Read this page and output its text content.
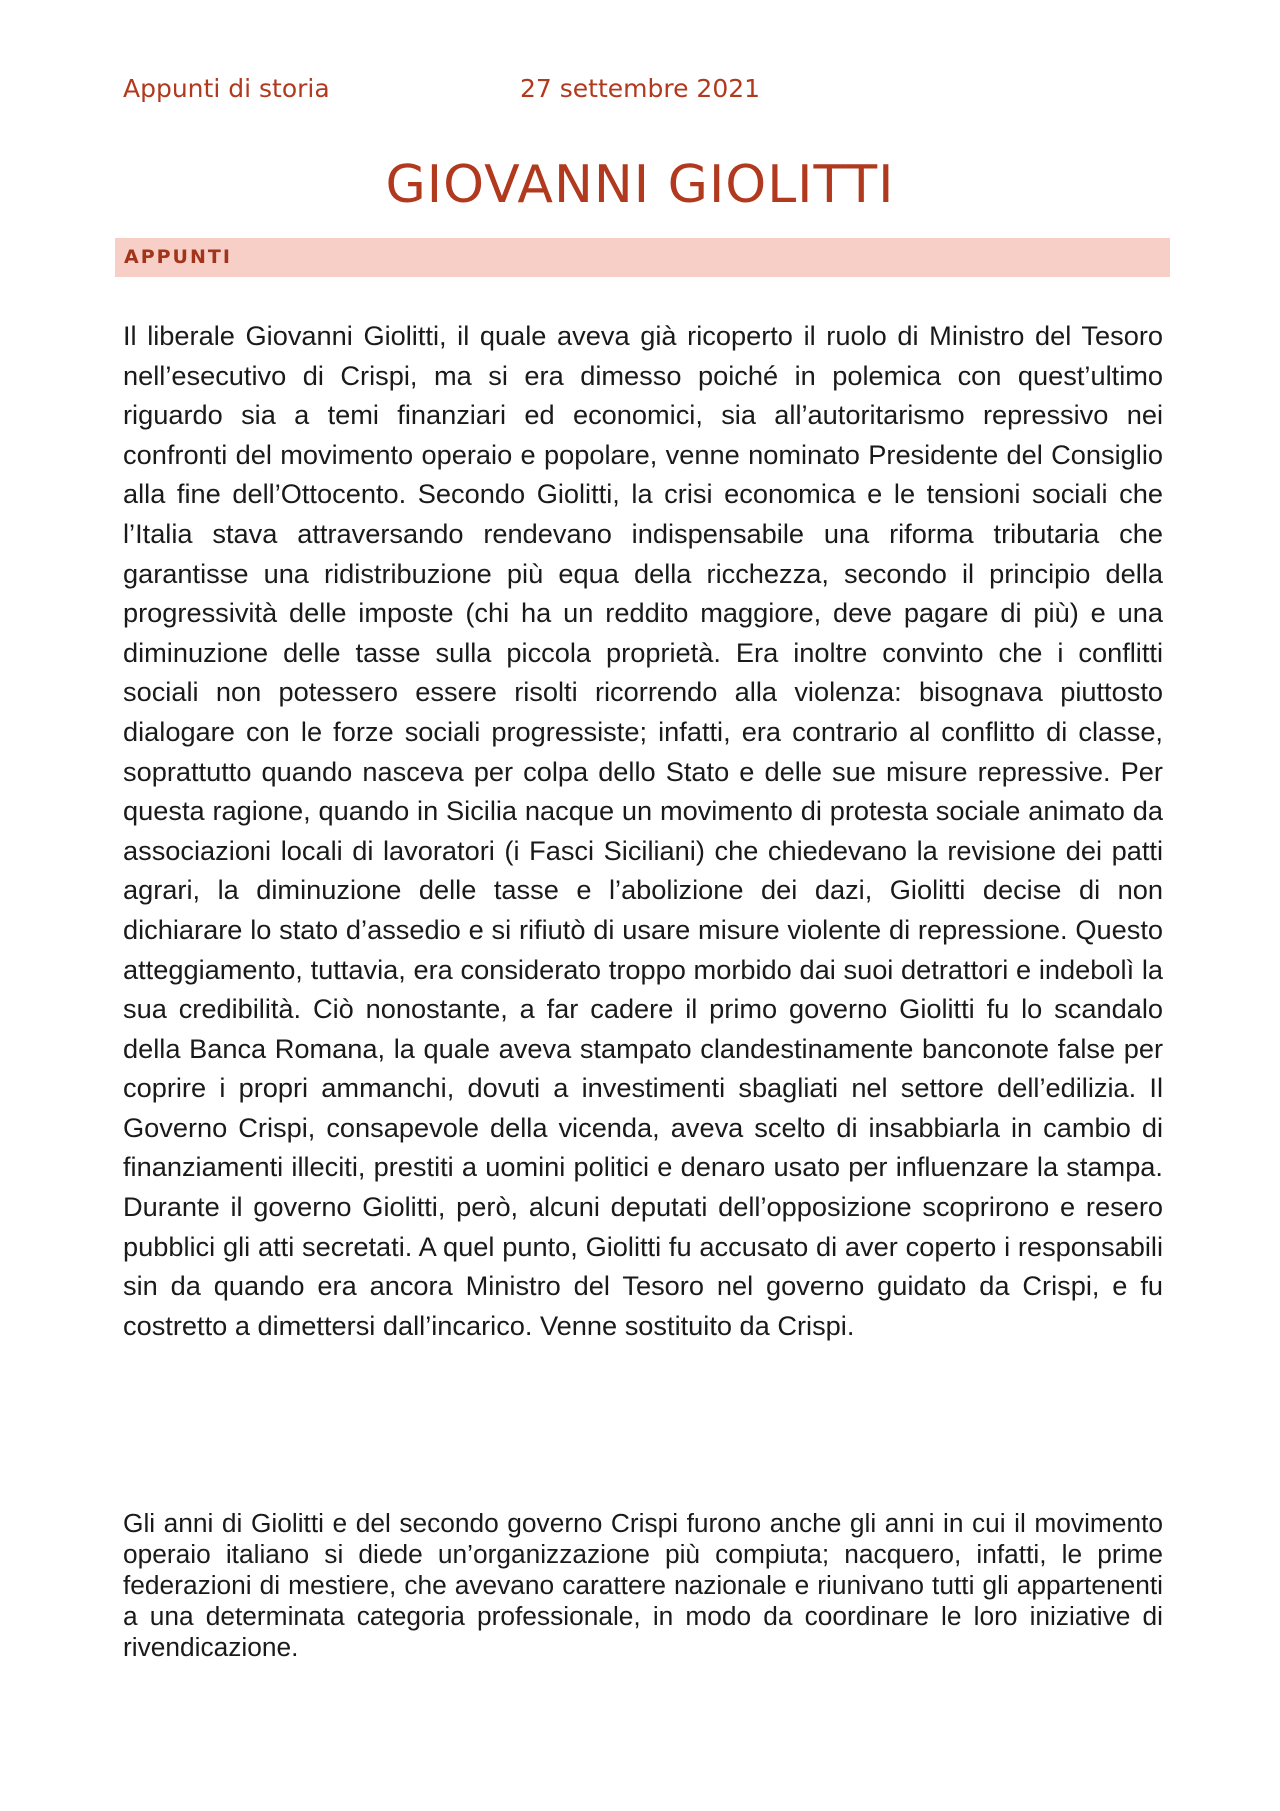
Appunti di storia	27 settembre 2021
GIOVANNI GIOLITTI
APPUNTI

Il liberale Giovanni Giolitti, il quale aveva già ricoperto il ruolo di Ministro del Tesoro nell’esecutivo di Crispi, ma si era dimesso poiché in polemica con quest’ultimo riguardo sia a temi finanziari ed economici, sia all’autoritarismo repressivo nei confronti del movimento operaio e popolare, venne nominato Presidente del Consiglio alla fine dell’Ottocento. Secondo Giolitti, la crisi economica e le tensioni sociali che l’Italia stava attraversando rendevano indispensabile una riforma tributaria che garantisse una ridistribuzione più equa della ricchezza, secondo il principio della progressività delle imposte (chi ha un reddito maggiore, deve pagare di più) e una diminuzione delle tasse sulla piccola proprietà. Era inoltre convinto che i conflitti sociali non potessero essere risolti ricorrendo alla violenza: bisognava piuttosto dialogare con le forze sociali progressiste; infatti, era contrario al conflitto di classe, soprattutto quando nasceva per colpa dello Stato e delle sue misure repressive. Per questa ragione, quando in Sicilia nacque un movimento di protesta sociale animato da associazioni locali di lavoratori (i Fasci Siciliani) che chiedevano la revisione dei patti agrari, la diminuzione delle tasse e l’abolizione dei dazi, Giolitti decise di non dichiarare lo stato d’assedio e si rifiutò di usare misure violente di repressione. Questo atteggiamento, tuttavia, era considerato troppo morbido dai suoi detrattori e indebolì la sua credibilità. Ciò nonostante, a far cadere il primo governo Giolitti fu lo scandalo della Banca Romana, la quale aveva stampato clandestinamente banconote false per coprire i propri ammanchi, dovuti a investimenti sbagliati nel settore dell’edilizia. Il Governo Crispi, consapevole della vicenda, aveva scelto di insabbiarla in cambio di finanziamenti illeciti, prestiti a uomini politici e denaro usato per influenzare la stampa. Durante il governo Giolitti, però, alcuni deputati dell’opposizione scoprirono e resero pubblici gli atti secretati. A quel punto, Giolitti fu accusato di aver coperto i responsabili sin da quando era ancora Ministro del Tesoro nel governo guidato da Crispi, e fu costretto a dimettersi dall’incarico. Venne sostituito da Crispi.

Gli anni di Giolitti e del secondo governo Crispi furono anche gli anni in cui il movimento operaio italiano si diede un’organizzazione più compiuta; nacquero, infatti, le prime federazioni di mestiere, che avevano carattere nazionale e riunivano tutti gli appartenenti a una determinata categoria professionale, in modo da coordinare le loro iniziative di rivendicazione.
